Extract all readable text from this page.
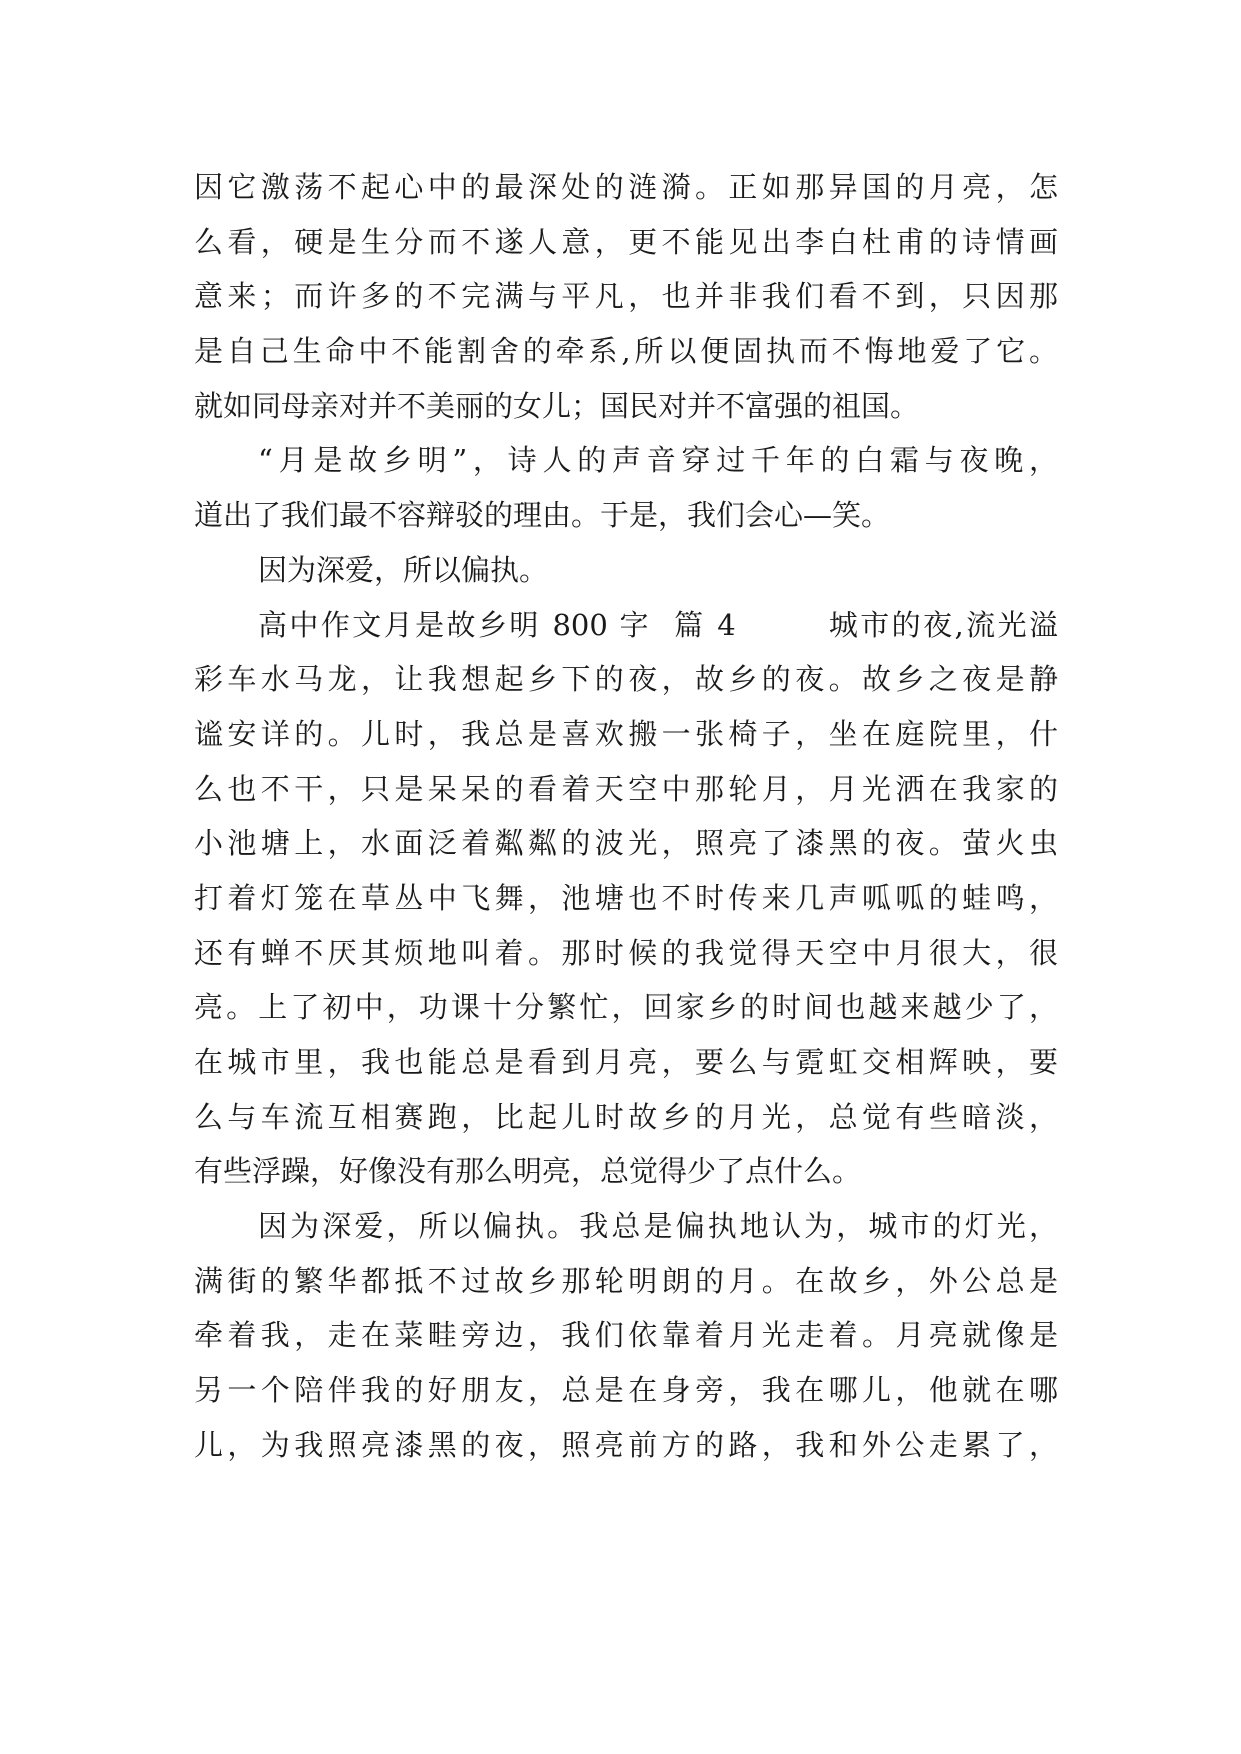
因它激荡不起心中的最深处的涟漪。正如那异国的月亮，怎
么看，硬是生分而不遂人意，更不能见出李白杜甫的诗情画
意来；而许多的不完满与平凡，也并非我们看不到，只因那
是自己生命中不能割舍的牵系,所以便固执而不悔地爱了它。
就如同母亲对并不美丽的女儿；国民对并不富强的祖国。
“月是故乡明”，诗人的声音穿过千年的白霜与夜晚，
道出了我们最不容辩驳的理由。于是，我们会心—笑。
因为深爱，所以偏执。
高中作文月是故乡明 800 字  篇 4        城市的夜,流光溢
彩车水马龙，让我想起乡下的夜，故乡的夜。故乡之夜是静
谧安详的。儿时，我总是喜欢搬一张椅子，坐在庭院里，什
么也不干，只是呆呆的看着天空中那轮月，月光洒在我家的
小池塘上，水面泛着粼粼的波光，照亮了漆黑的夜。萤火虫
打着灯笼在草丛中飞舞，池塘也不时传来几声呱呱的蛙鸣，
还有蝉不厌其烦地叫着。那时候的我觉得天空中月很大，很
亮。上了初中，功课十分繁忙，回家乡的时间也越来越少了，
在城市里，我也能总是看到月亮，要么与霓虹交相辉映，要
么与车流互相赛跑，比起儿时故乡的月光，总觉有些暗淡，
有些浮躁，好像没有那么明亮，总觉得少了点什么。
因为深爱，所以偏执。我总是偏执地认为，城市的灯光，
满街的繁华都抵不过故乡那轮明朗的月。在故乡，外公总是
牵着我，走在菜畦旁边，我们依靠着月光走着。月亮就像是
另一个陪伴我的好朋友，总是在身旁，我在哪儿，他就在哪
儿，为我照亮漆黑的夜，照亮前方的路，我和外公走累了，
